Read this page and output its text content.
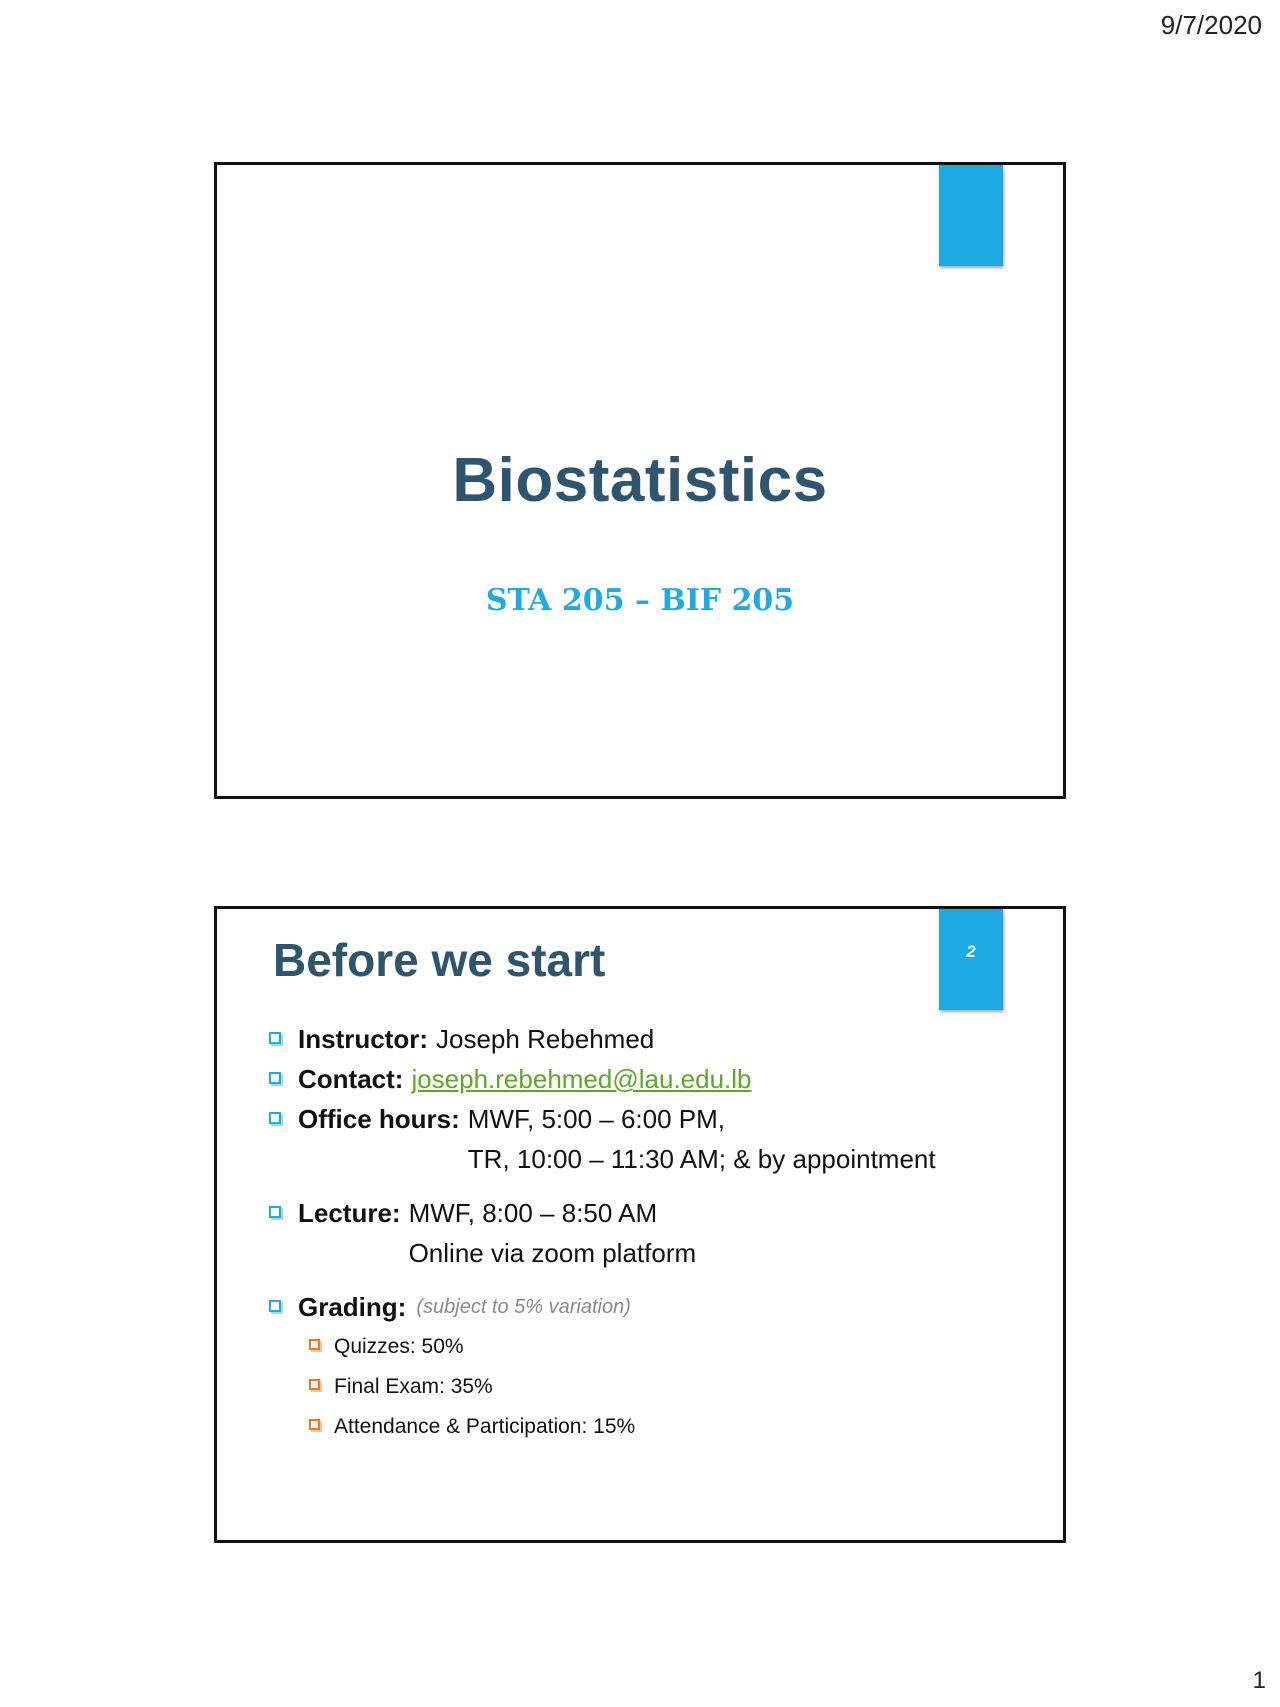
9/7/2020
Biostatistics
STA 205 – BIF 205
2
Before we start
Instructor: Joseph Rebehmed
Contact: joseph.rebehmed@lau.edu.lb
Office hours: MWF, 5:00 – 6:00 PM,
TR, 10:00 – 11:30 AM; & by appointment
Lecture: MWF, 8:00 – 8:50 AM
Online via zoom platform
Grading: (subject to 5% variation)
Quizzes: 50%
Final Exam: 35%
Attendance & Participation: 15%
1
